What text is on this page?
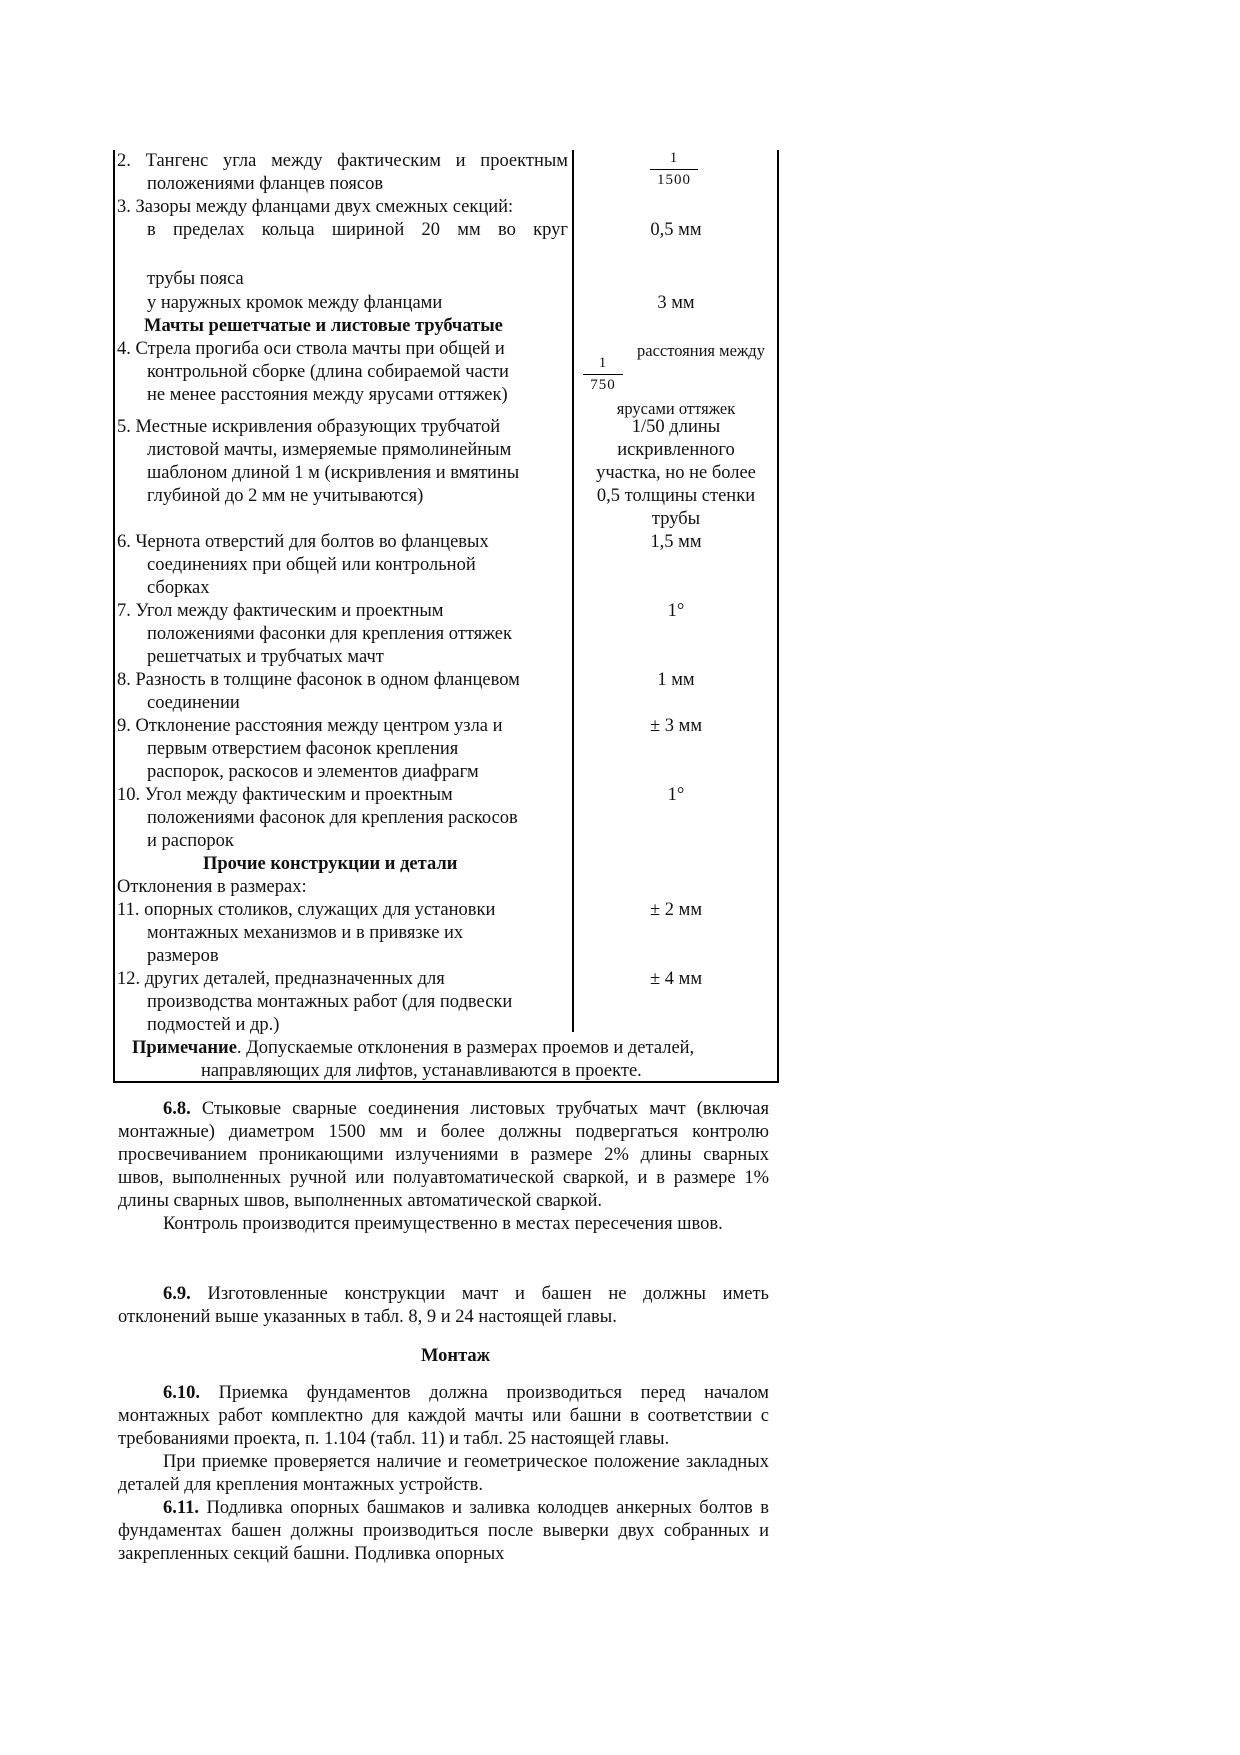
2. Тангенс угла между фактическим и проектным
положениями фланцев поясов
1
1500
3. Зазоры между фланцами двух смежных секций:
в пределах кольца шириной 20 мм во круг
трубы пояса
у наружных кромок между фланцами
0,5 мм
3 мм
Мачты решетчатые и листовые трубчатые
4. Стрела прогиба оси ствола мачты при общей и
контрольной сборке (длина собираемой части
не менее расстояния между ярусами оттяжек)
расстояния между
1
750
ярусами оттяжек
5. Местные искривления образующих трубчатой
листовой мачты, измеряемые прямолинейным
шаблоном длиной 1 м (искривления и вмятины
глубиной до 2 мм не учитываются)
1/50 длины
искривленного
участка, но не более
0,5 толщины стенки
трубы
6. Чернота отверстий для болтов во фланцевых
соединениях при общей или контрольной
сборках
1,5 мм
7. Угол между фактическим и проектным
положениями фасонки для крепления оттяжек
решетчатых и трубчатых мачт
1°
8. Разность в толщине фасонок в одном фланцевом
соединении
1 мм
9. Отклонение расстояния между центром узла и
первым отверстием фасонок крепления
распорок, раскосов и элементов диафрагм
± 3 мм
10. Угол между фактическим и проектным
положениями фасонок для крепления раскосов
и распорок
1°
Прочие конструкции и детали
Отклонения в размерах:
11. опорных столиков, служащих для установки
монтажных механизмов и в привязке их
размеров
± 2 мм
12. других деталей, предназначенных для
производства монтажных работ (для подвески
подмостей и др.)
± 4 мм
Примечание. Допускаемые отклонения в размерах проемов и деталей,
направляющих для лифтов, устанавливаются в проекте.

6.8. Стыковые сварные соединения листовых трубчатых мачт (включая монтажные) диаметром 1500 мм и более должны подвергаться контролю просвечиванием проникающими излучениями в размере 2% длины сварных швов, выполненных ручной или полуавтоматической сваркой, и в размере 1% длины сварных швов, выполненных автоматической сваркой.

Контроль производится преимущественно в местах пересечения швов.

6.9. Изготовленные конструкции мачт и башен не должны иметь отклонений выше указанных в табл. 8, 9 и 24 настоящей главы.

Монтаж

6.10. Приемка фундаментов должна производиться перед началом монтажных работ комплектно для каждой мачты или башни в соответствии с требованиями проекта, п. 1.104 (табл. 11) и табл. 25 настоящей главы.

При приемке проверяется наличие и геометрическое положение закладных деталей для крепления монтажных устройств.

6.11. Подливка опорных башмаков и заливка колодцев анкерных болтов в фундаментах башен должны производиться после выверки двух собранных и закрепленных секций башни. Подливка опорных
